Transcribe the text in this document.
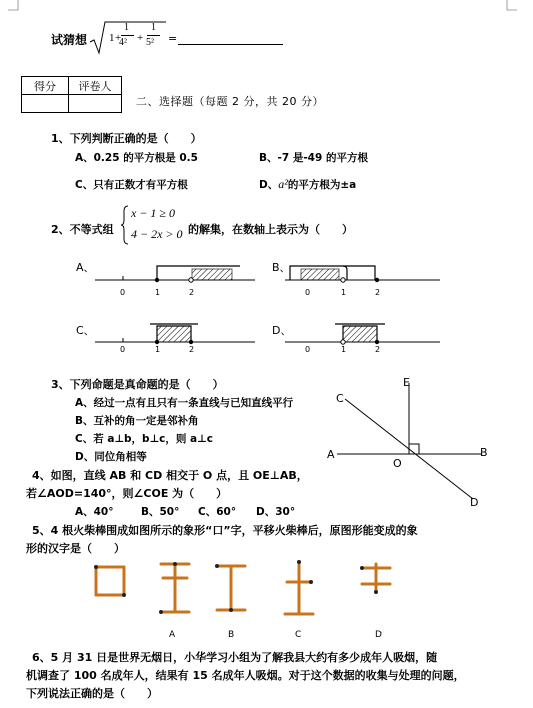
试猜想 1 +
1
4² +
1
5² =
得分	评卷人

二、选择题（每题 2 分，共 20 分）
1、下列判断正确的是（　　）
A、0.25 的平方根是 0.5	B、-7 是-49 的平方根
C、只有正数才有平方根	D、a²的平方根为±a
2、不等式组
x − 1 ≥ 0
4 − 2x > 0 的解集，在数轴上表示为（　　）
A、	B、
C、	D、
0	1	2	0	1	2
0	1	2	0	1	2
3、下列命题是真命题的是（　　）
A、经过一点有且只有一条直线与已知直线平行
B、互补的角一定是邻补角
C、若 a⊥b，b⊥c，则 a⊥c
D、同位角相等
E
C
A	B
O
D
4、如图，直线 AB 和 CD 相交于 O 点，且 OE⊥AB，
若∠AOD=140°，则∠COE 为（　　）
A、40°	B、50° C、60° D、30°
5、4 根火柴棒围成如图所示的象形“口”字，平移火柴棒后，原图形能变成的象
形的汉字是（　　）
A	B	C	D
6、5 月 31 日是世界无烟日，小华学习小组为了解我县大约有多少成年人吸烟，随
机调查了 100 名成年人，结果有 15 名成年人吸烟。对于这个数据的收集与处理的问题，
下列说法正确的是（　　）
